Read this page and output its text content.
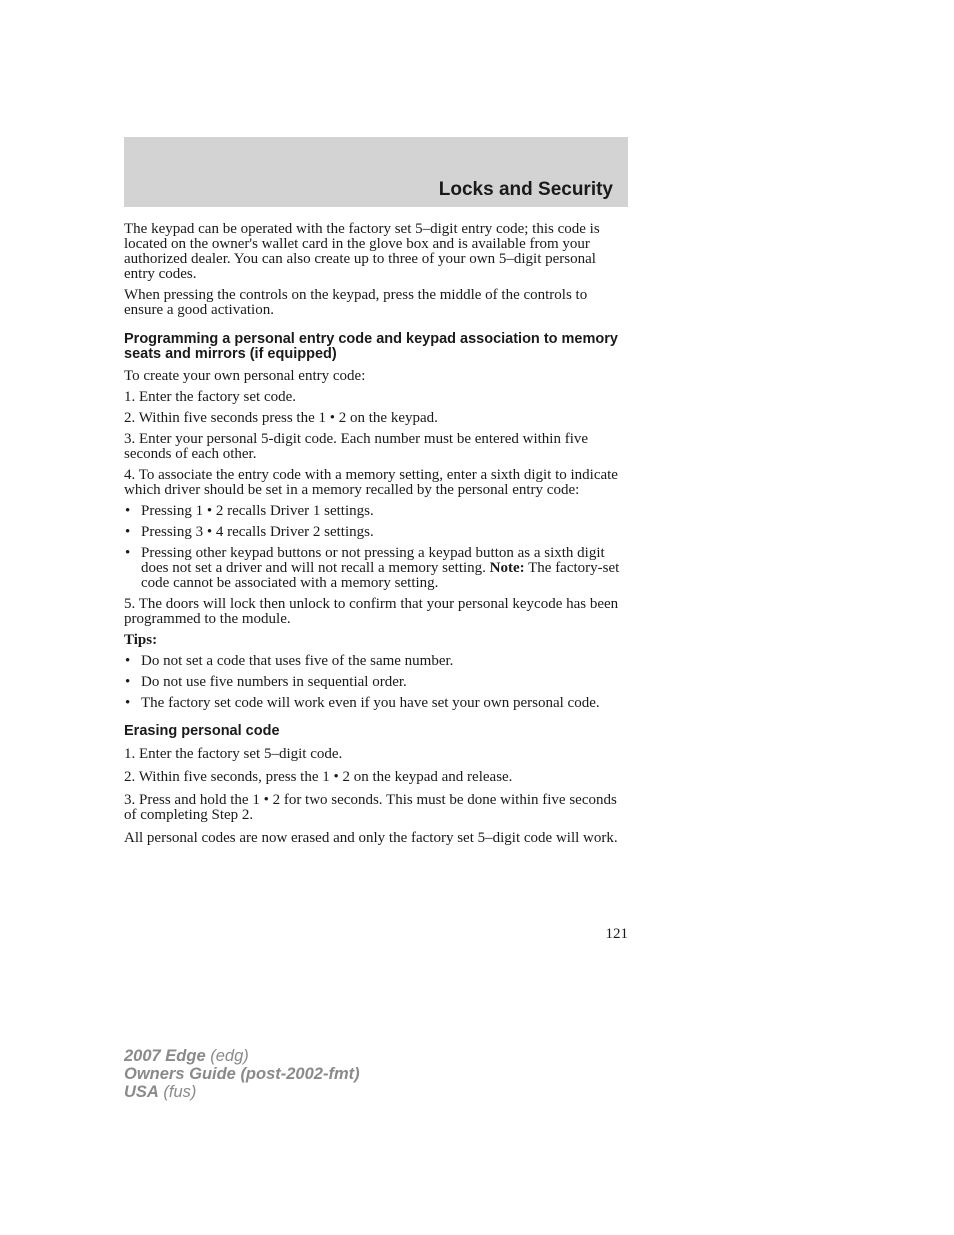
Locks and Security

The keypad can be operated with the factory set 5–digit entry code; this code is located on the owner's wallet card in the glove box and is available from your authorized dealer. You can also create up to three of your own 5–digit personal entry codes.

When pressing the controls on the keypad, press the middle of the controls to ensure a good activation.

Programming a personal entry code and keypad association to memory seats and mirrors (if equipped)

To create your own personal entry code:

1. Enter the factory set code.

2. Within five seconds press the 1 • 2 on the keypad.

3. Enter your personal 5-digit code. Each number must be entered within five seconds of each other.

4. To associate the entry code with a memory setting, enter a sixth digit to indicate which driver should be set in a memory recalled by the personal entry code:

• Pressing 1 • 2 recalls Driver 1 settings.
• Pressing 3 • 4 recalls Driver 2 settings.
• Pressing other keypad buttons or not pressing a keypad button as a sixth digit does not set a driver and will not recall a memory setting. Note: The factory-set code cannot be associated with a memory setting.

5. The doors will lock then unlock to confirm that your personal keycode has been programmed to the module.

Tips:

• Do not set a code that uses five of the same number.
• Do not use five numbers in sequential order.
• The factory set code will work even if you have set your own personal code.
Erasing personal code

1. Enter the factory set 5–digit code.

2. Within five seconds, press the 1 • 2 on the keypad and release.

3. Press and hold the 1 • 2 for two seconds. This must be done within five seconds of completing Step 2.

All personal codes are now erased and only the factory set 5–digit code will work.

121
2007 Edge (edg)
Owners Guide (post-2002-fmt)
USA (fus)
